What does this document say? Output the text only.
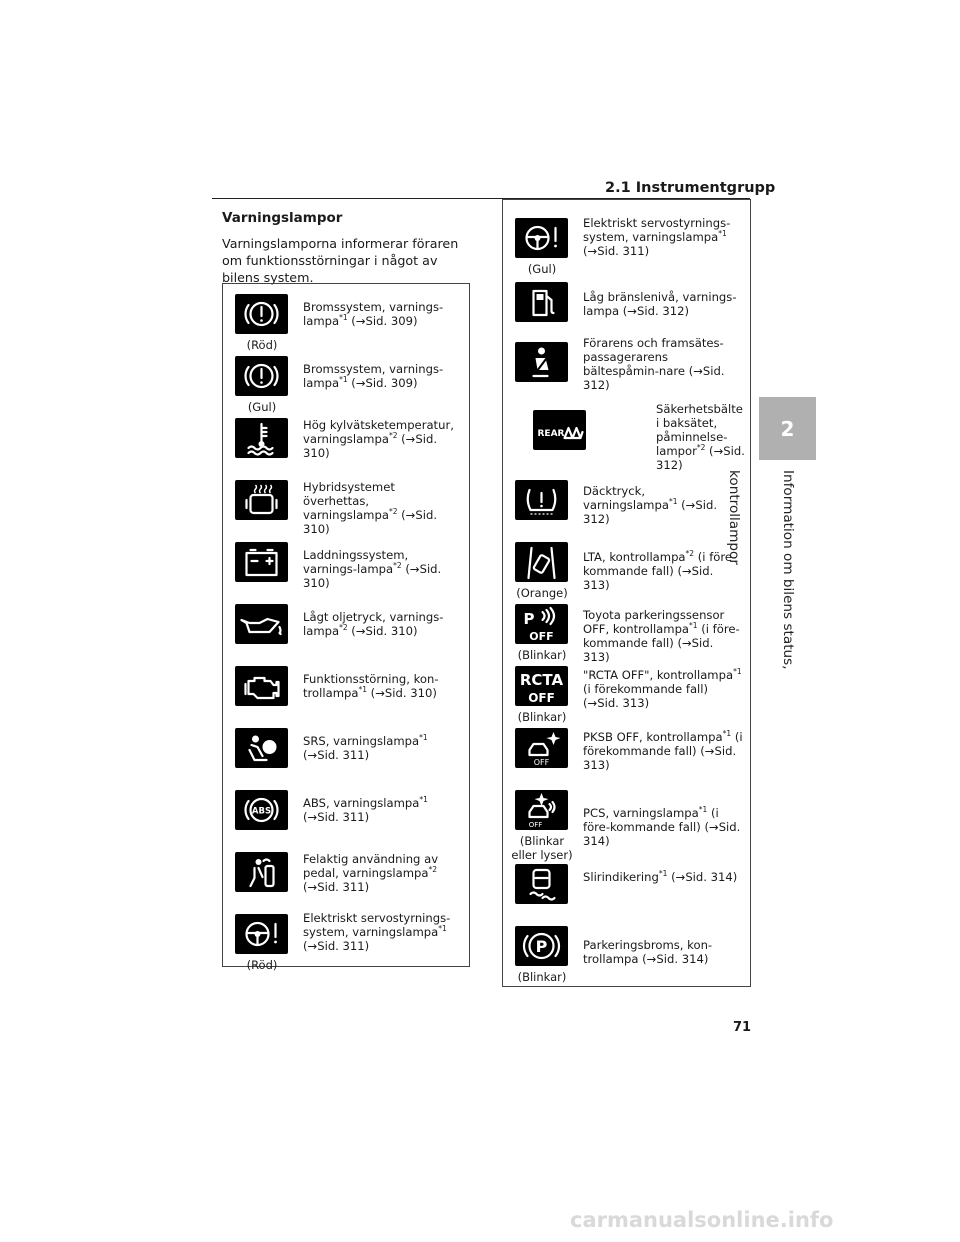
2.1 Instrumentgrupp
2
Information om bilens status, kontrollampor
Varningslampor
Varningslamporna informerar föraren om funktionsstörningar i något av bilens system.
(Röd)
Bromssystem, varnings-lampa$^{*1}$ (→Sid. 309)
(Gul)
Bromssystem, varnings-lampa$^{*1}$ (→Sid. 309)
Hög kylvätsketemperatur, varningslampa$^{*2}$ (→Sid. 310)
Hybridsystemet överhettas, varningslampa$^{*2}$ (→Sid. 310)
Laddningssystem, varnings-lampa$^{*2}$ (→Sid. 310)
Lågt oljetryck, varnings-lampa$^{*2}$ (→Sid. 310)
Funktionsstörning, kon-trollampa$^{*1}$ (→Sid. 310)
SRS, varningslampa$^{*1}$ (→Sid. 311)
ABS
ABS, varningslampa$^{*1}$ (→Sid. 311)
Felaktig användning av pedal, varningslampa$^{*2}$ (→Sid. 311)
(Röd)
Elektriskt servostyrnings-system, varningslampa$^{*1}$ (→Sid. 311)
(Gul)
Elektriskt servostyrnings-system, varningslampa$^{*1}$ (→Sid. 311)
Låg bränslenivå, varnings-lampa (→Sid. 312)
Förarens och framsätes-passagerarens bältespåmin-nare (→Sid. 312)
REAR
Säkerhetsbälte i baksätet, påminnelse-lampor$^{*2}$ (→Sid. 312)
Däcktryck, varningslampa$^{*1}$ (→Sid. 312)
(Orange)
LTA, kontrollampa$^{*2}$ (i före-kommande fall) (→Sid. 313)
P
OFF
(Blinkar)
Toyota parkeringssensor OFF, kontrollampa$^{*1}$ (i före-kommande fall) (→Sid. 313)
RCTA
OFF
(Blinkar)
"RCTA OFF", kontrollampa$^{*1}$ (i förekommande fall) (→Sid. 313)
OFF
PKSB OFF, kontrollampa$^{*1}$ (i förekommande fall) (→Sid. 313)
OFF
(Blinkar eller lyser)
PCS, varningslampa$^{*1}$ (i före-kommande fall) (→Sid. 314)
Slirindikering$^{*1}$ (→Sid. 314)
P
(Blinkar)
Parkeringsbroms, kon-trollampa (→Sid. 314)
71
carmanualsonline.info
